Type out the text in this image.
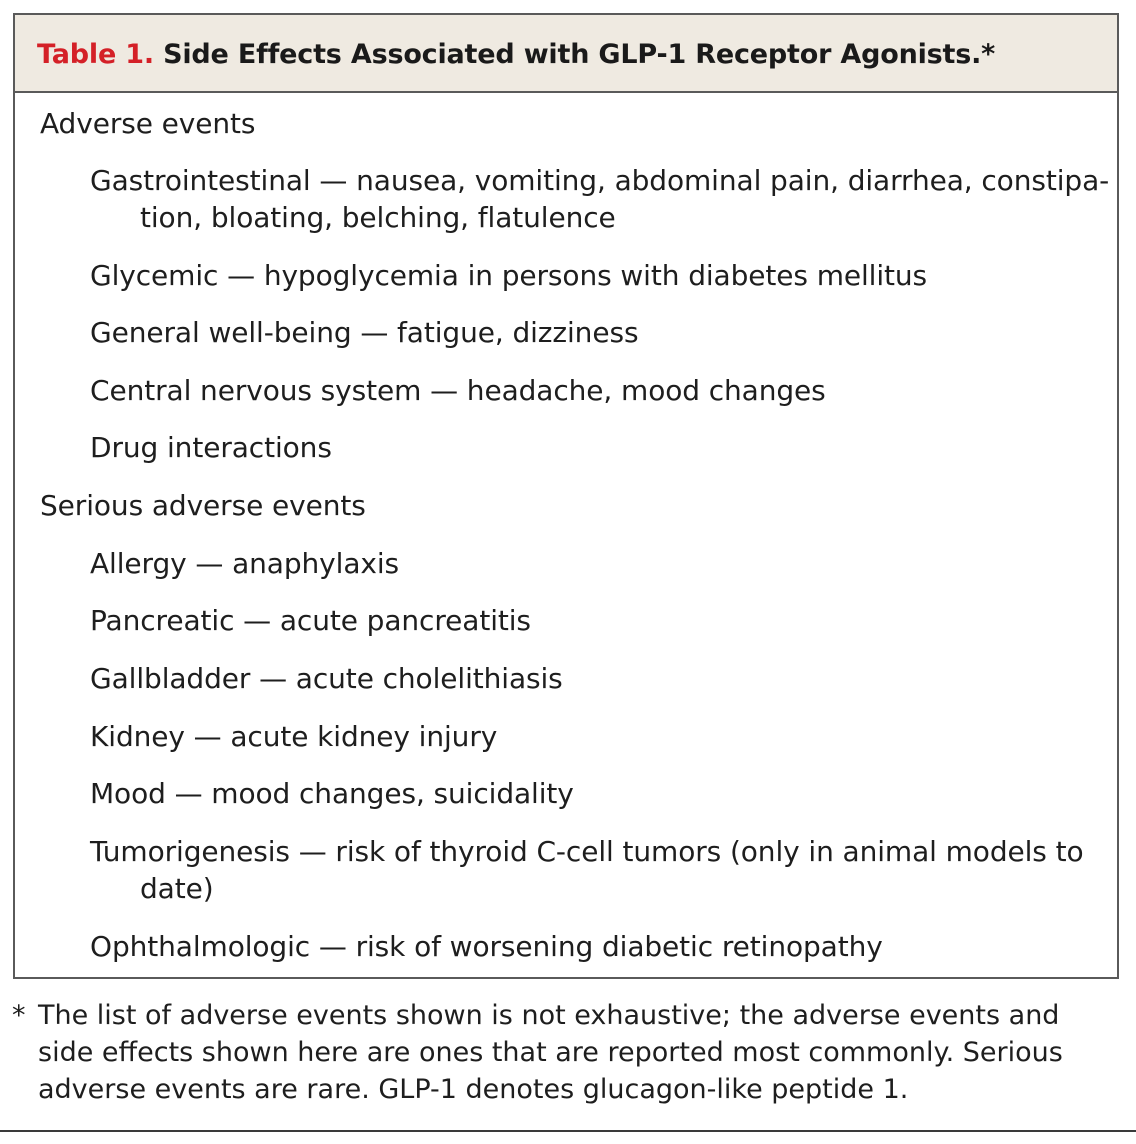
Table 1.
Side Effects Associated with GLP-1 Receptor Agonists.*
Adverse events
Gastrointestinal — nausea, vomiting, abdominal pain, diarrhea, constipa-
tion, bloating, belching, flatulence
Glycemic — hypoglycemia in persons with diabetes mellitus
General well-being — fatigue, dizziness
Central nervous system — headache, mood changes
Drug interactions
Serious adverse events
Allergy — anaphylaxis
Pancreatic — acute pancreatitis
Gallbladder — acute cholelithiasis
Kidney — acute kidney injury
Mood — mood changes, suicidality
Tumorigenesis — risk of thyroid C-cell tumors (only in animal models to
date)
Ophthalmologic — risk of worsening diabetic retinopathy
* The list of adverse events shown is not exhaustive; the adverse events and
side effects shown here are ones that are reported most commonly. Serious
adverse events are rare. GLP-1 denotes glucagon-like peptide 1.
